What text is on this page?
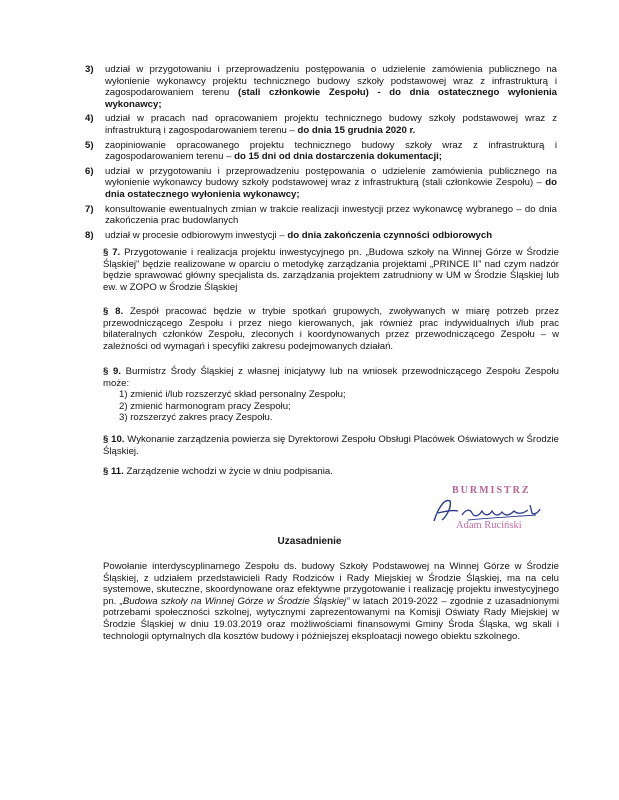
3)	udział w przygotowaniu i przeprowadzeniu postępowania o udzielenie zamówienia publicznego na wyłonienie wykonawcy projektu technicznego budowy szkoły podstawowej wraz z infrastrukturą i zagospodarowaniem terenu (stali członkowie Zespołu) - do dnia ostatecznego wyłonienia wykonawcy;
4)	udział w pracach nad opracowaniem projektu technicznego budowy szkoły podstawowej wraz z infrastrukturą i zagospodarowaniem terenu – do dnia 15 grudnia 2020 r.
5)	zaopiniowanie opracowanego projektu technicznego budowy szkoły wraz z infrastrukturą i zagospodarowaniem terenu – do 15 dni od dnia dostarczenia dokumentacji;
6)	udział w przygotowaniu i przeprowadzeniu postępowania o udzielenie zamówienia publicznego na wyłonienie wykonawcy budowy szkoły podstawowej wraz z infrastrukturą (stali członkowie Zespołu) – do dnia ostatecznego wyłonienia wykonawcy;
7)	konsultowanie ewentualnych zmian w trakcie realizacji inwestycji przez wykonawcę wybranego – do dnia zakończenia prac budowlanych
8)	udział w procesie odbiorowym inwestycji – do dnia zakończenia czynności odbiorowych
§ 7. Przygotowanie i realizacja projektu inwestycyjnego pn. „Budowa szkoły na Winnej Górze w Środzie Śląskiej” będzie realizowane w oparciu o metodykę zarządzania projektami „PRINCE II” nad czym nadzór będzie sprawować główny specjalista ds. zarządzania projektem zatrudniony w UM w Środzie Śląskiej lub ew. w ZOPO w Środzie Śląskiej
§ 8. Zespół pracować będzie w trybie spotkań grupowych, zwoływanych w miarę potrzeb przez przewodniczącego Zespołu i przez niego kierowanych, jak również prac indywidualnych i/lub prac bilateralnych członków Zespołu, zleconych i koordynowanych przez przewodniczącego Zespołu – w zależności od wymagań i specyfiki zakresu podejmowanych działań.
§ 9. Burmistrz Środy Śląskiej z własnej inicjatywy lub na wniosek przewodniczącego Zespołu Zespołu może:
1) zmienić i/lub rozszerzyć skład personalny Zespołu;
2) zmienić harmonogram pracy Zespołu;
3) rozszerzyć zakres pracy Zespołu.
§ 10. Wykonanie zarządzenia powierza się Dyrektorowi Zespołu Obsługi Placówek Oświatowych w Środzie Śląskiej.
§ 11. Zarządzenie wchodzi w życie w dniu podpisania.
BURMISTRZ
Adam Ruciński
Uzasadnienie
Powołanie interdyscyplinarnego Zespołu ds. budowy Szkoły Podstawowej na Winnej Górze w Środzie Śląskiej, z udziałem przedstawicieli Rady Rodziców i Rady Miejskiej w Środzie Śląskiej, ma na celu systemowe, skuteczne, skoordynowane oraz efektywne przygotowanie i realizację projektu inwestycyjnego pn. „Budowa szkoły na Winnej Górze w Środzie Śląskiej” w latach 2019-2022 – zgodnie z uzasadnionymi potrzebami społeczności szkolnej, wytycznymi zaprezentowanymi na Komisji Oświaty Rady Miejskiej w Środzie Śląskiej w dniu 19.03.2019 oraz możliwościami finansowymi Gminy Środa Śląska, wg skali i technologii optymalnych dla kosztów budowy i późniejszej eksploatacji nowego obiektu szkolnego.
